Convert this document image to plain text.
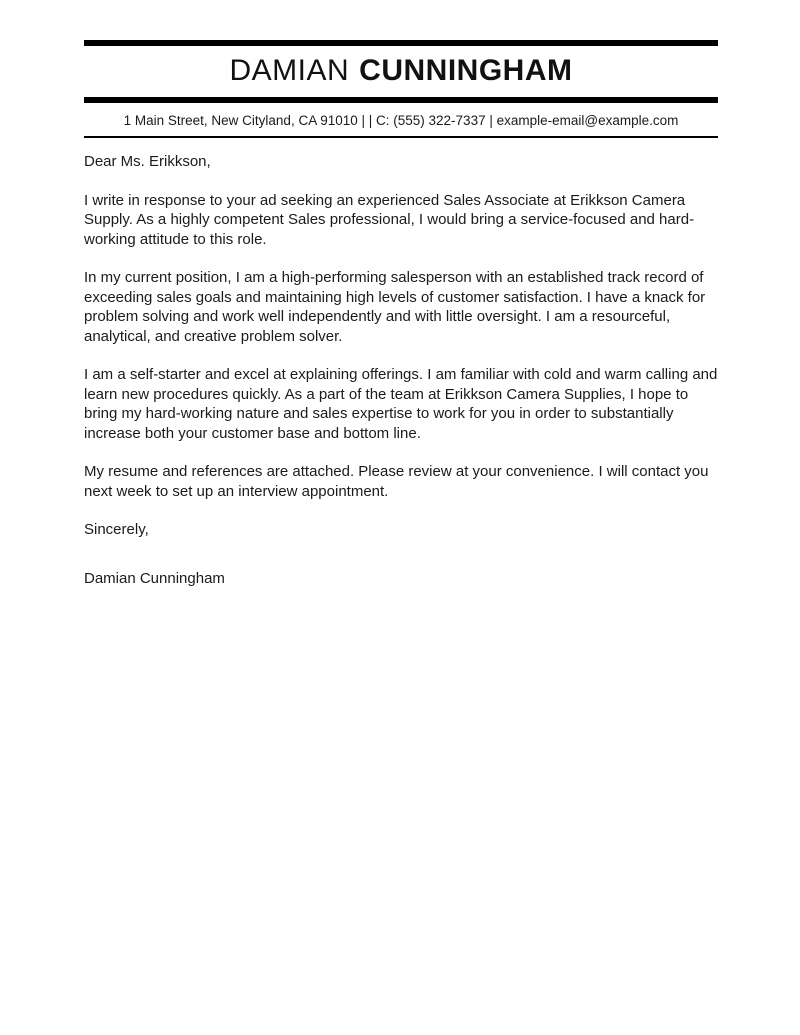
DAMIAN CUNNINGHAM
1 Main Street, New Cityland, CA 91010 | | C: (555) 322-7337 | example-email@example.com

Dear Ms. Erikkson,

I write in response to your ad seeking an experienced Sales Associate at Erikkson Camera Supply. As a highly competent Sales professional, I would bring a service-focused and hard-working attitude to this role.

In my current position, I am a high-performing salesperson with an established track record of exceeding sales goals and maintaining high levels of customer satisfaction. I have a knack for problem solving and work well independently and with little oversight. I am a resourceful, analytical, and creative problem solver.

I am a self-starter and excel at explaining offerings. I am familiar with cold and warm calling and learn new procedures quickly. As a part of the team at Erikkson Camera Supplies, I hope to bring my hard-working nature and sales expertise to work for you in order to substantially increase both your customer base and bottom line.

My resume and references are attached. Please review at your convenience. I will contact you next week to set up an interview appointment.

Sincerely,

Damian Cunningham
